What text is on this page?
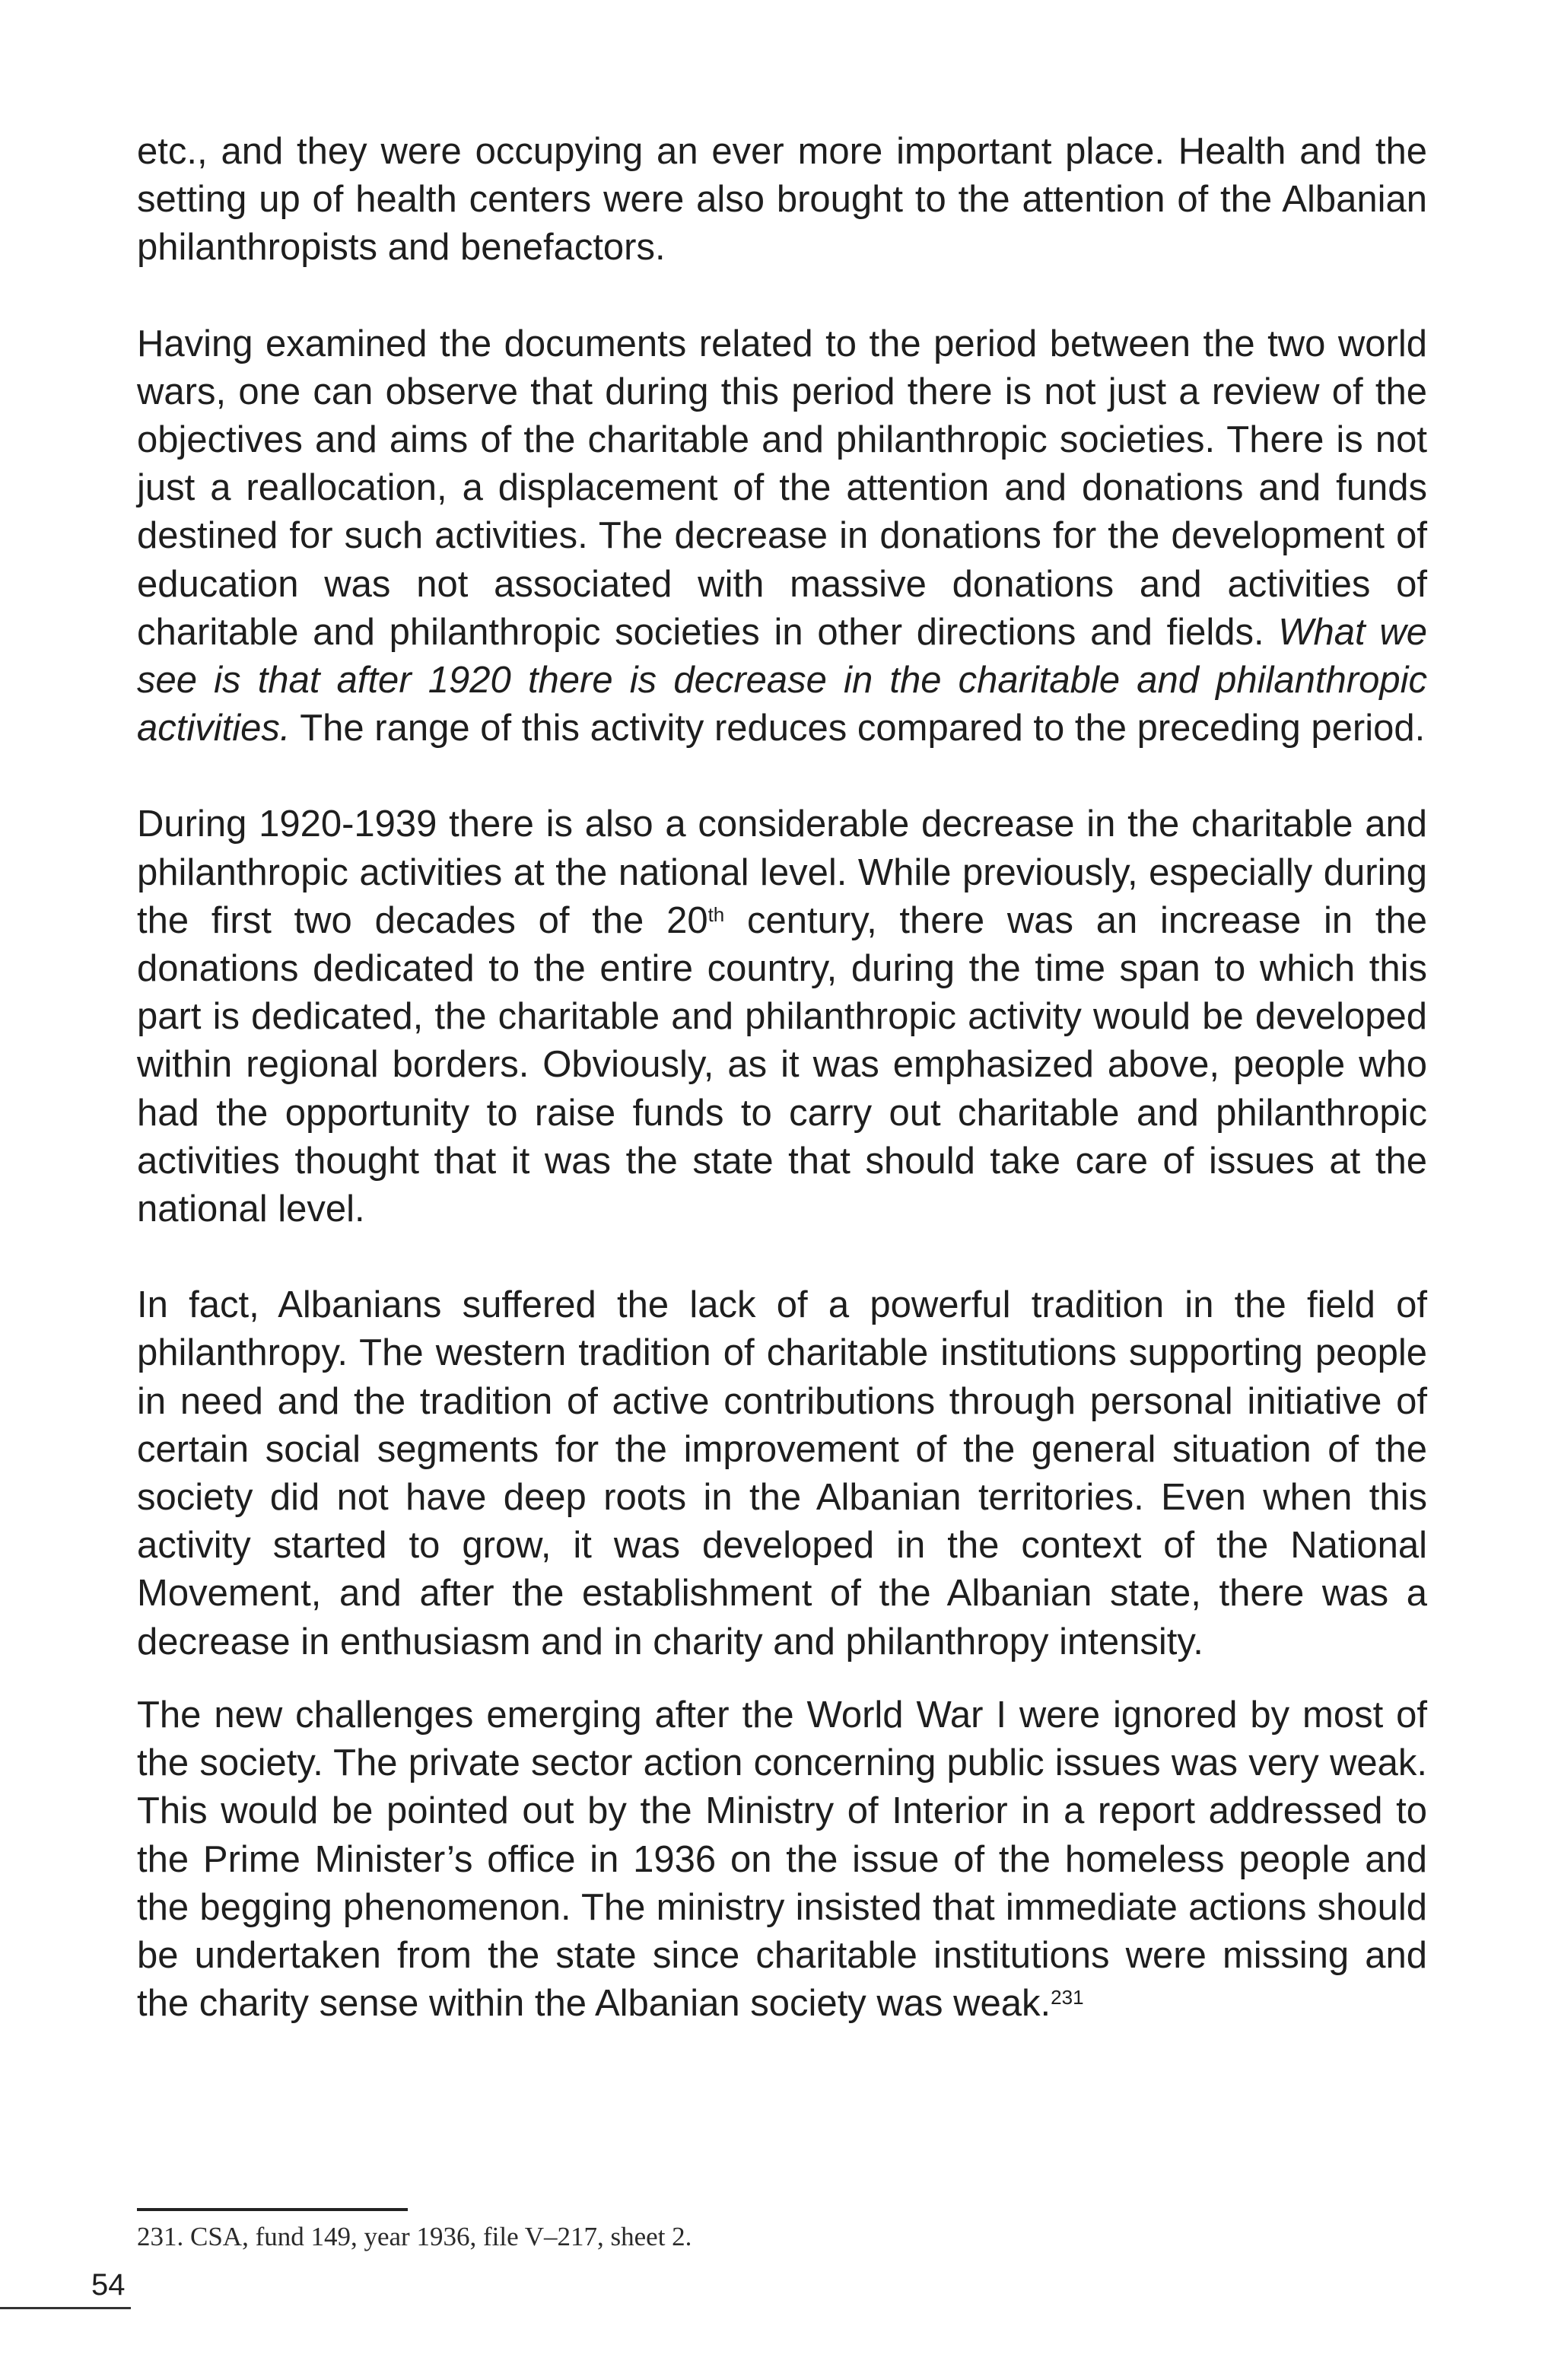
etc., and they were occupying an ever more important place. Health and the setting up of health centers were also brought to the attention of the Albanian philanthropists and benefactors.

Having examined the documents related to the period between the two world wars, one can observe that during this period there is not just a review of the objectives and aims of the charitable and philanthropic societies. There is not just a reallocation, a displacement of the attention and donations and funds destined for such activities. The decrease in donations for the development of education was not associated with massive donations and activities of charitable and philanthropic societies in other directions and fields. What we see is that after 1920 there is decrease in the charitable and philanthropic activities. The range of this activity reduces compared to the preceding period.

During 1920-1939 there is also a considerable decrease in the charitable and philanthropic activities at the national level. While previously, especially during the first two decades of the 20th century, there was an increase in the donations dedicated to the entire country, during the time span to which this part is dedicated, the charitable and philanthropic activity would be developed within regional borders. Obviously, as it was emphasized above, people who had the opportunity to raise funds to carry out charitable and philanthropic activities thought that it was the state that should take care of issues at the national level.

In fact, Albanians suffered the lack of a powerful tradition in the field of philanthropy. The western tradition of charitable institutions supporting people in need and the tradition of active contributions through personal initiative of certain social segments for the improvement of the general situation of the society did not have deep roots in the Albanian territories. Even when this activity started to grow, it was developed in the context of the National Movement, and after the establishment of the Albanian state, there was a decrease in enthusiasm and in charity and philanthropy intensity.

The new challenges emerging after the World War I were ignored by most of the society. The private sector action concerning public issues was very weak. This would be pointed out by the Ministry of Interior in a report addressed to the Prime Minister’s office in 1936 on the issue of the homeless people and the begging phenomenon. The ministry insisted that immediate actions should be undertaken from the state since charitable institutions were missing and the charity sense within the Albanian society was weak.$^{231}$

231. CSA, fund 149, year 1936, file V–217, sheet 2.
54
